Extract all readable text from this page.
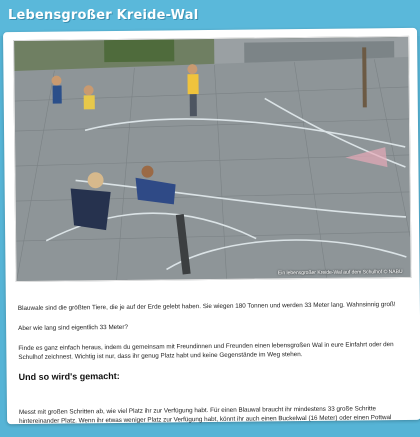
Lebensgroßer Kreide-Wal
Ein lebensgroßer Kreide-Wal auf dem Schulhof © NABU

Blauwale sind die größten Tiere, die je auf der Erde gelebt haben. Sie wiegen 180 Tonnen und werden 33 Meter lang. Wahnsinnig groß!

Aber wie lang sind eigentlich 33 Meter?

Finde es ganz einfach heraus, indem du gemeinsam mit Freundinnen und Freunden einen lebensgroßen Wal in eure Einfahrt oder den Schulhof zeichnest. Wichtig ist nur, dass ihr genug Platz habt und keine Gegenstände im Weg stehen.

Und so wird's gemacht:

Messt mit großen Schritten ab, wie viel Platz ihr zur Verfügung habt. Für einen Blauwal braucht ihr mindestens 33 große Schritte hintereinander Platz. Wenn ihr etwas weniger Platz zur Verfügung habt, könnt ihr auch einen Buckelwal (16 Meter) oder einen Pottwal
